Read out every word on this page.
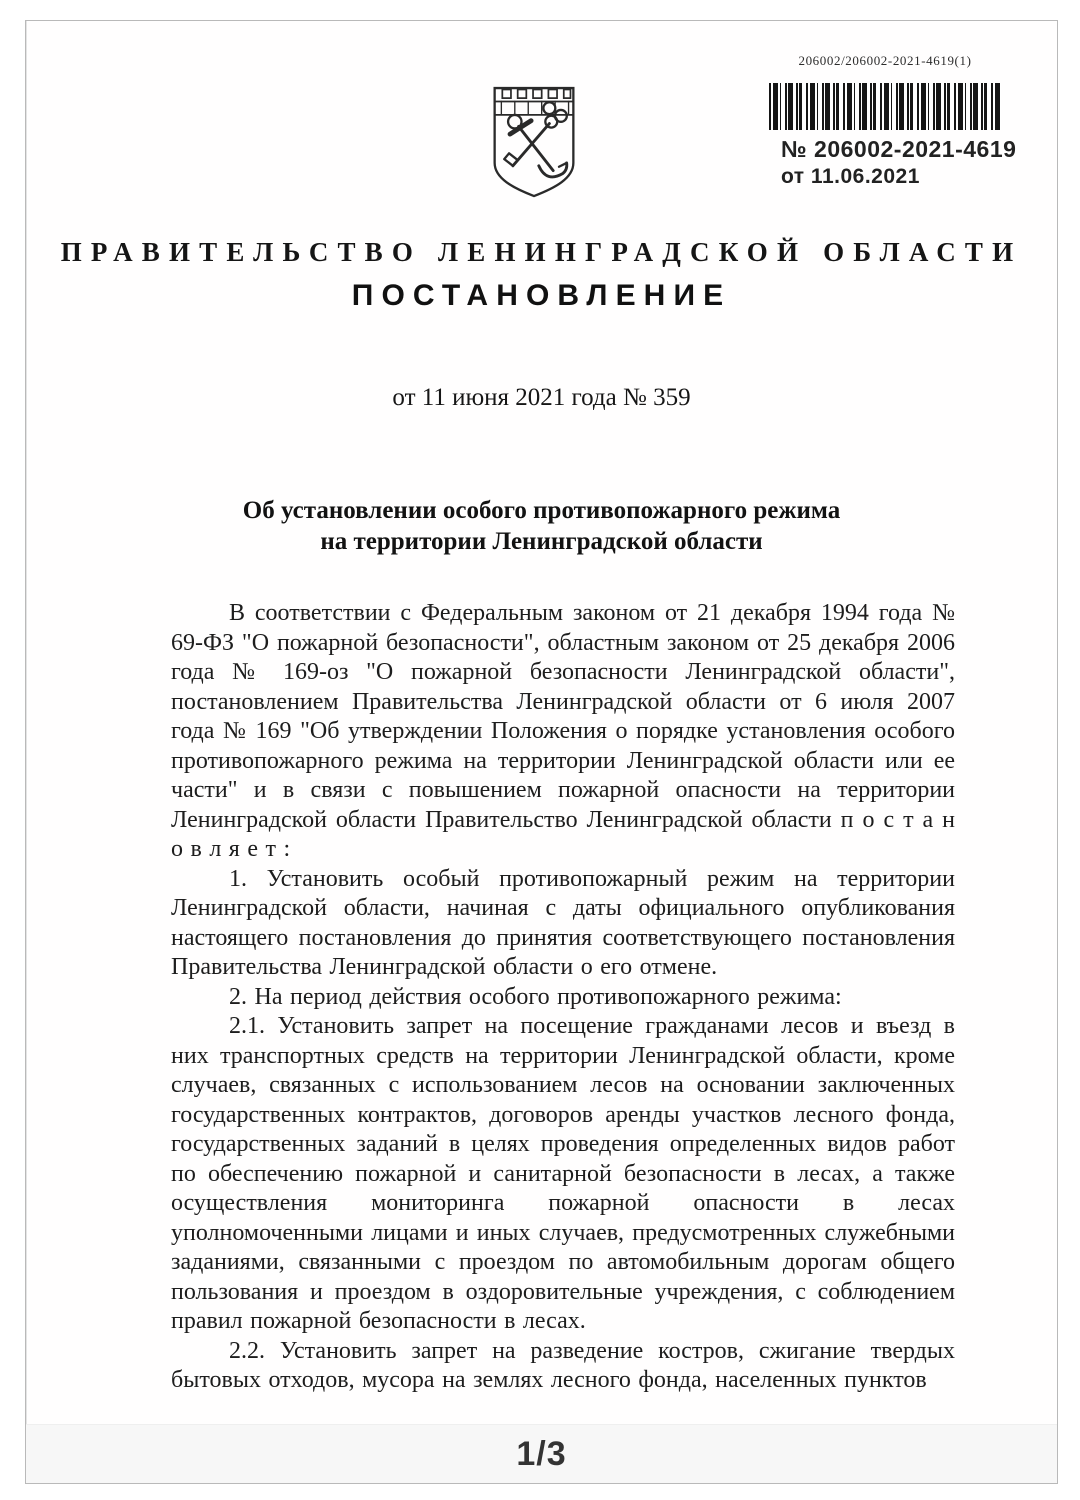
206002/206002-2021-4619(1)
№ 206002-2021-4619
от 11.06.2021
ПРАВИТЕЛЬСТВО ЛЕНИНГРАДСКОЙ ОБЛАСТИ
ПОСТАНОВЛЕНИЕ
от 11 июня 2021 года № 359
Об установлении особого противопожарного режима
на территории Ленинградской области

В соответствии с Федеральным законом от 21 декабря 1994 года № 69-ФЗ "О пожарной безопасности", областным законом от 25 декабря 2006 года № 169-оз "О пожарной безопасности Ленинградской области", постановлением Правительства Ленинградской области от 6 июля 2007 года № 169 "Об утверждении Положения о порядке установления особого противопожарного режима на территории Ленинградской области или ее части" и в связи с повышением пожарной опасности на территории Ленинградской области Правительство Ленинградской области п о с т а н о в л я е т :

1. Установить особый противопожарный режим на территории Ленинградской области, начиная с даты официального опубликования настоящего постановления до принятия соответствующего постановления Правительства Ленинградской области о его отмене.

2. На период действия особого противопожарного режима:

2.1. Установить запрет на посещение гражданами лесов и въезд в них транспортных средств на территории Ленинградской области, кроме случаев, связанных с использованием лесов на основании заключенных государственных контрактов, договоров аренды участков лесного фонда, государственных заданий в целях проведения определенных видов работ по обеспечению пожарной и санитарной безопасности в лесах, а также осуществления мониторинга пожарной опасности в лесах уполномоченными лицами и иных случаев, предусмотренных служебными заданиями, связанными с проездом по автомобильным дорогам общего пользования и проездом в оздоровительные учреждения, с соблюдением правил пожарной безопасности в лесах.

2.2. Установить запрет на разведение костров, сжигание твердых бытовых отходов, мусора на землях лесного фонда, населенных пунктов

1/3
